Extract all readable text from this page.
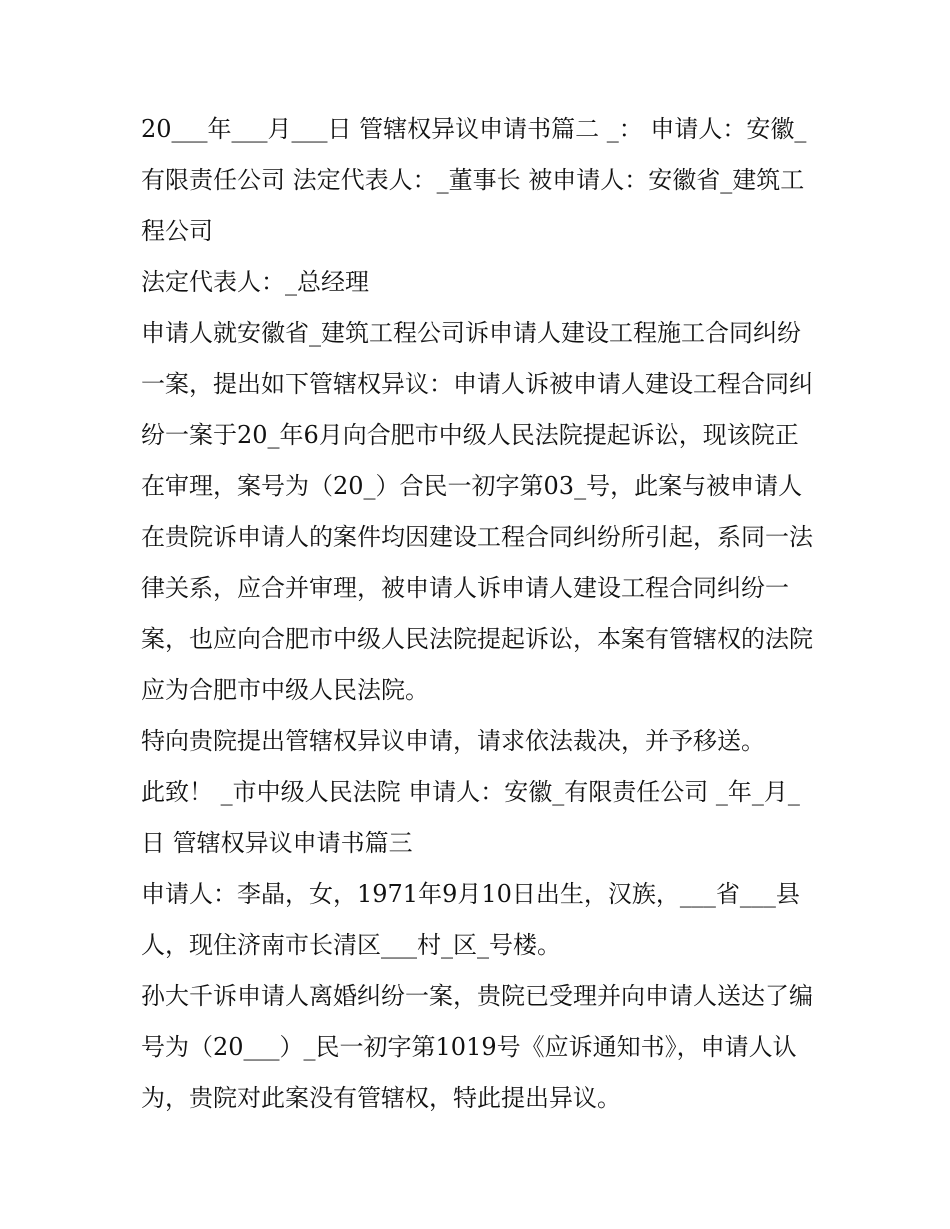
20___年___月___日 管辖权异议申请书篇二 _： 申请人：安徽_有限责任公司 法定代表人：_董事长 被申请人：安徽省_建筑工程公司

法定代表人：_总经理

申请人就安徽省_建筑工程公司诉申请人建设工程施工合同纠纷一案，提出如下管辖权异议：申请人诉被申请人建设工程合同纠纷一案于20_年6月向合肥市中级人民法院提起诉讼，现该院正在审理，案号为（20_）合民一初字第03_号，此案与被申请人在贵院诉申请人的案件均因建设工程合同纠纷所引起，系同一法律关系，应合并审理，被申请人诉申请人建设工程合同纠纷一案，也应向合肥市中级人民法院提起诉讼，本案有管辖权的法院应为合肥市中级人民法院。

特向贵院提出管辖权异议申请，请求依法裁决，并予移送。

此致！ _市中级人民法院 申请人：安徽_有限责任公司 _年_月_日 管辖权异议申请书篇三

申请人：李晶，女，1971年9月10日出生，汉族，___省___县人，现住济南市长清区___村_区_号楼。

孙大千诉申请人离婚纠纷一案，贵院已受理并向申请人送达了编号为（20___）_民一初字第1019号《应诉通知书》，申请人认为，贵院对此案没有管辖权，特此提出异议。
